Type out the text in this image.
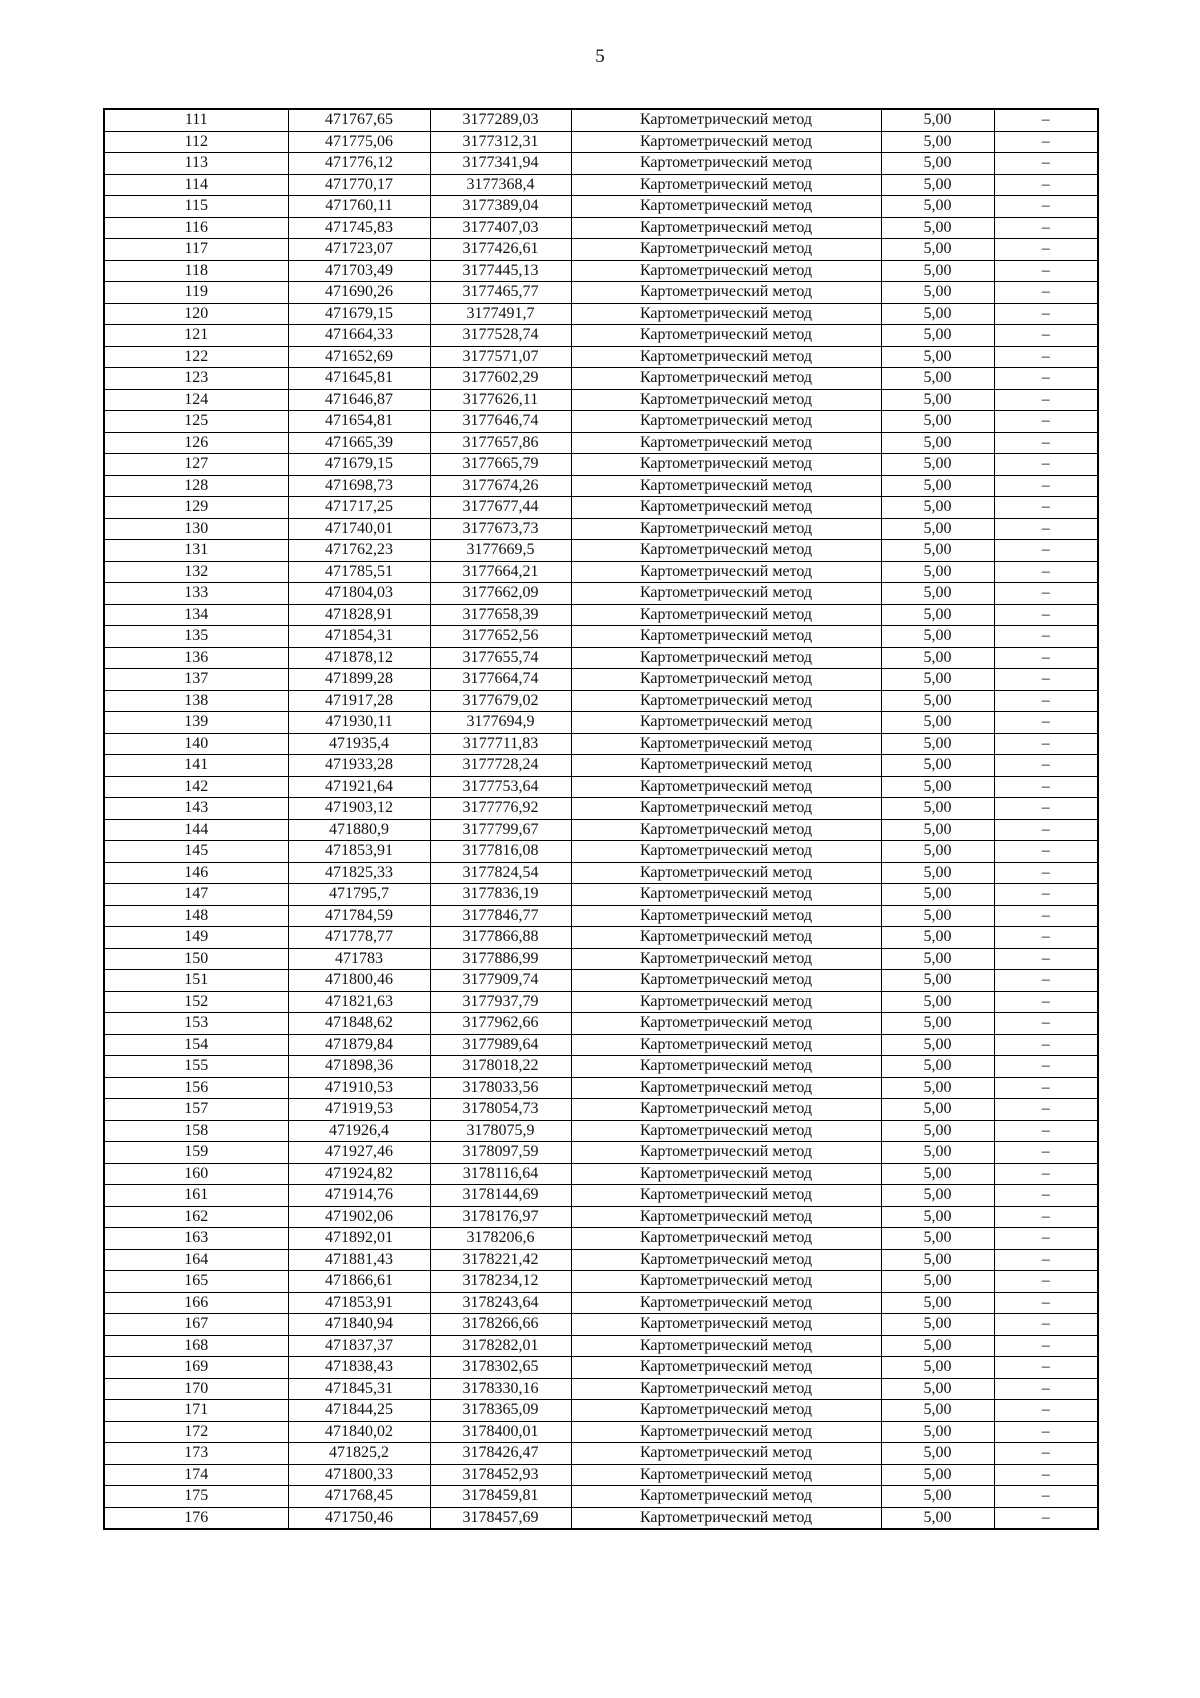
5
111	471767,65	3177289,03	Картометрический метод	5,00	–
112	471775,06	3177312,31	Картометрический метод	5,00	–
113	471776,12	3177341,94	Картометрический метод	5,00	–
114	471770,17	3177368,4	Картометрический метод	5,00	–
115	471760,11	3177389,04	Картометрический метод	5,00	–
116	471745,83	3177407,03	Картометрический метод	5,00	–
117	471723,07	3177426,61	Картометрический метод	5,00	–
118	471703,49	3177445,13	Картометрический метод	5,00	–
119	471690,26	3177465,77	Картометрический метод	5,00	–
120	471679,15	3177491,7	Картометрический метод	5,00	–
121	471664,33	3177528,74	Картометрический метод	5,00	–
122	471652,69	3177571,07	Картометрический метод	5,00	–
123	471645,81	3177602,29	Картометрический метод	5,00	–
124	471646,87	3177626,11	Картометрический метод	5,00	–
125	471654,81	3177646,74	Картометрический метод	5,00	–
126	471665,39	3177657,86	Картометрический метод	5,00	–
127	471679,15	3177665,79	Картометрический метод	5,00	–
128	471698,73	3177674,26	Картометрический метод	5,00	–
129	471717,25	3177677,44	Картометрический метод	5,00	–
130	471740,01	3177673,73	Картометрический метод	5,00	–
131	471762,23	3177669,5	Картометрический метод	5,00	–
132	471785,51	3177664,21	Картометрический метод	5,00	–
133	471804,03	3177662,09	Картометрический метод	5,00	–
134	471828,91	3177658,39	Картометрический метод	5,00	–
135	471854,31	3177652,56	Картометрический метод	5,00	–
136	471878,12	3177655,74	Картометрический метод	5,00	–
137	471899,28	3177664,74	Картометрический метод	5,00	–
138	471917,28	3177679,02	Картометрический метод	5,00	–
139	471930,11	3177694,9	Картометрический метод	5,00	–
140	471935,4	3177711,83	Картометрический метод	5,00	–
141	471933,28	3177728,24	Картометрический метод	5,00	–
142	471921,64	3177753,64	Картометрический метод	5,00	–
143	471903,12	3177776,92	Картометрический метод	5,00	–
144	471880,9	3177799,67	Картометрический метод	5,00	–
145	471853,91	3177816,08	Картометрический метод	5,00	–
146	471825,33	3177824,54	Картометрический метод	5,00	–
147	471795,7	3177836,19	Картометрический метод	5,00	–
148	471784,59	3177846,77	Картометрический метод	5,00	–
149	471778,77	3177866,88	Картометрический метод	5,00	–
150	471783	3177886,99	Картометрический метод	5,00	–
151	471800,46	3177909,74	Картометрический метод	5,00	–
152	471821,63	3177937,79	Картометрический метод	5,00	–
153	471848,62	3177962,66	Картометрический метод	5,00	–
154	471879,84	3177989,64	Картометрический метод	5,00	–
155	471898,36	3178018,22	Картометрический метод	5,00	–
156	471910,53	3178033,56	Картометрический метод	5,00	–
157	471919,53	3178054,73	Картометрический метод	5,00	–
158	471926,4	3178075,9	Картометрический метод	5,00	–
159	471927,46	3178097,59	Картометрический метод	5,00	–
160	471924,82	3178116,64	Картометрический метод	5,00	–
161	471914,76	3178144,69	Картометрический метод	5,00	–
162	471902,06	3178176,97	Картометрический метод	5,00	–
163	471892,01	3178206,6	Картометрический метод	5,00	–
164	471881,43	3178221,42	Картометрический метод	5,00	–
165	471866,61	3178234,12	Картометрический метод	5,00	–
166	471853,91	3178243,64	Картометрический метод	5,00	–
167	471840,94	3178266,66	Картометрический метод	5,00	–
168	471837,37	3178282,01	Картометрический метод	5,00	–
169	471838,43	3178302,65	Картометрический метод	5,00	–
170	471845,31	3178330,16	Картометрический метод	5,00	–
171	471844,25	3178365,09	Картометрический метод	5,00	–
172	471840,02	3178400,01	Картометрический метод	5,00	–
173	471825,2	3178426,47	Картометрический метод	5,00	–
174	471800,33	3178452,93	Картометрический метод	5,00	–
175	471768,45	3178459,81	Картометрический метод	5,00	–
176	471750,46	3178457,69	Картометрический метод	5,00	–
